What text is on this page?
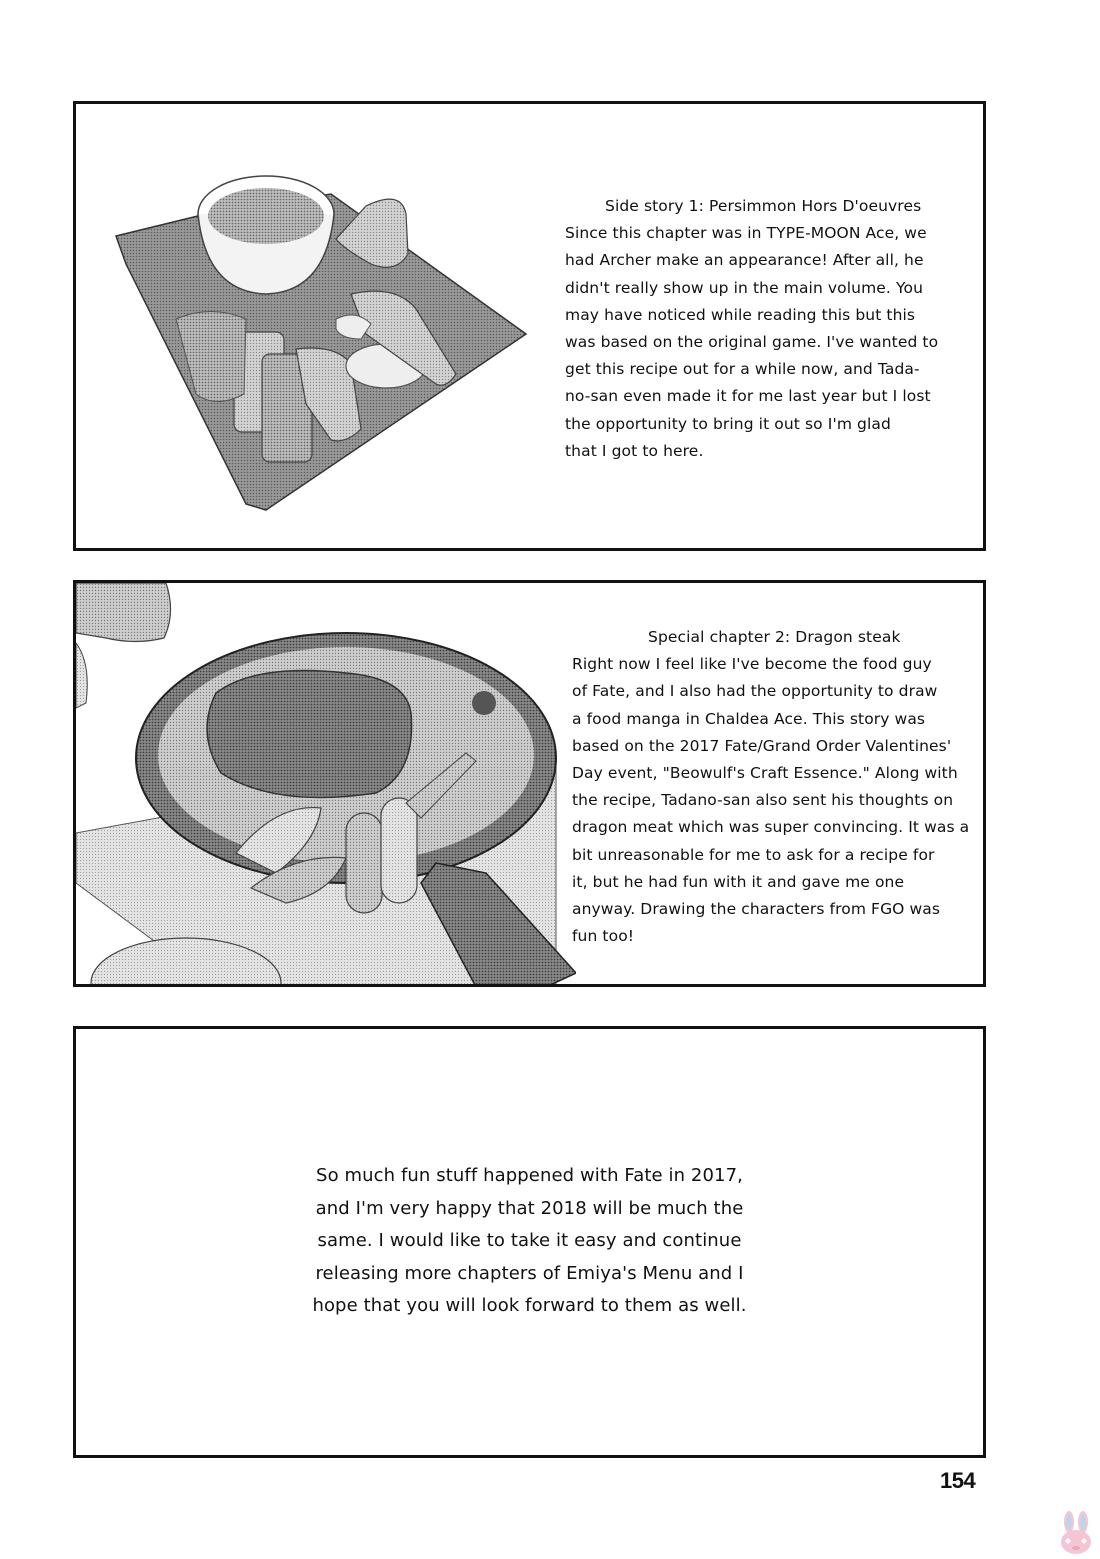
Side story 1: Persimmon Hors D'oeuvres
Since this chapter was in TYPE-MOON Ace, we
had Archer make an appearance! After all, he
didn't really show up in the main volume. You
may have noticed while reading this but this
was based on the original game. I've wanted to
get this recipe out for a while now, and Tada-
no-san even made it for me last year but I lost
the opportunity to bring it out so I'm glad
that I got to here.
Special chapter 2: Dragon steak
Right now I feel like I've become the food guy
of Fate, and I also had the opportunity to draw
a food manga in Chaldea Ace. This story was
based on the 2017 Fate/Grand Order Valentines'
Day event, "Beowulf's Craft Essence." Along with
the recipe, Tadano-san also sent his thoughts on
dragon meat which was super convincing. It was a
bit unreasonable for me to ask for a recipe for
it, but he had fun with it and gave me one
anyway. Drawing the characters from FGO was
fun too!
So much fun stuff happened with Fate in 2017,
and I'm very happy that 2018 will be much the
same. I would like to take it easy and continue
releasing more chapters of Emiya's Menu and I
hope that you will look forward to them as well.
154
